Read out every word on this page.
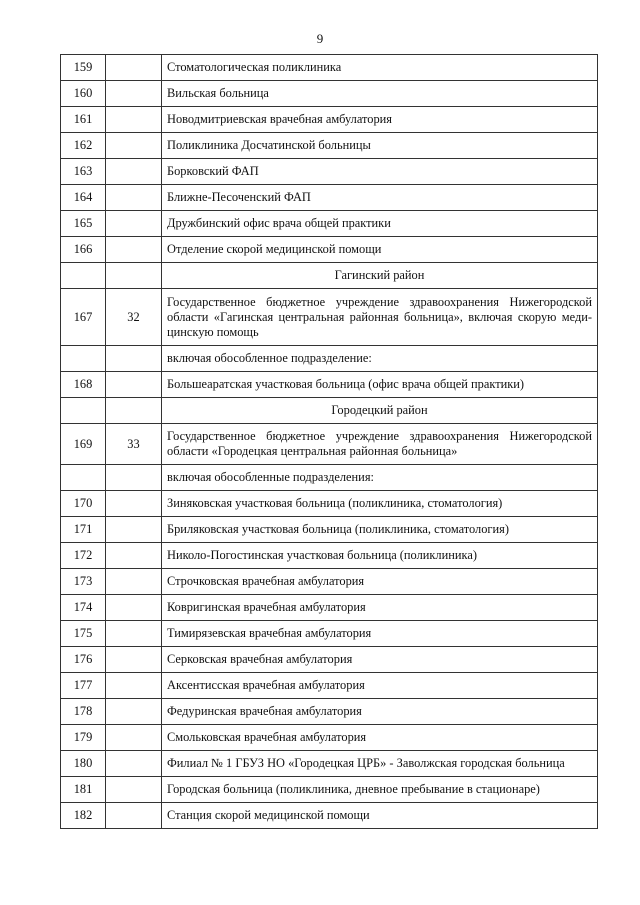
9
159		Стоматологическая поликлиника
160		Вильская больница
161		Новодмитриевская врачебная амбулатория
162		Поликлиника Досчатинской больницы
163		Борковский ФАП
164		Ближне-Песоченский ФАП
165		Дружбинский офис врача общей практики
166		Отделение скорой медицинской помощи
		Гагинский район
167	32	Государственное бюджетное учреждение здравоохранения Нижегородской области «Гагинская центральная районная больница», включая скорую меди-цинскую помощь
		включая обособленное подразделение:
168		Большеаратская участковая больница (офис врача общей практики)
		Городецкий район
169	33	Государственное бюджетное учреждение здравоохранения Нижегородской области «Городецкая центральная районная больница»
		включая обособленные подразделения:
170		Зиняковская участковая больница (поликлиника, стоматология)
171		Бриляковская участковая больница (поликлиника, стоматология)
172		Николо-Погостинская участковая больница (поликлиника)
173		Строчковская врачебная амбулатория
174		Ковригинская врачебная амбулатория
175		Тимирязевская врачебная амбулатория
176		Серковская врачебная амбулатория
177		Аксентисская врачебная амбулатория
178		Федуринская врачебная амбулатория
179		Смольковская врачебная амбулатория
180		Филиал № 1 ГБУЗ НО «Городецкая ЦРБ» - Заволжская городская больница
181		Городская больница (поликлиника, дневное пребывание в стационаре)
182		Станция скорой медицинской помощи
